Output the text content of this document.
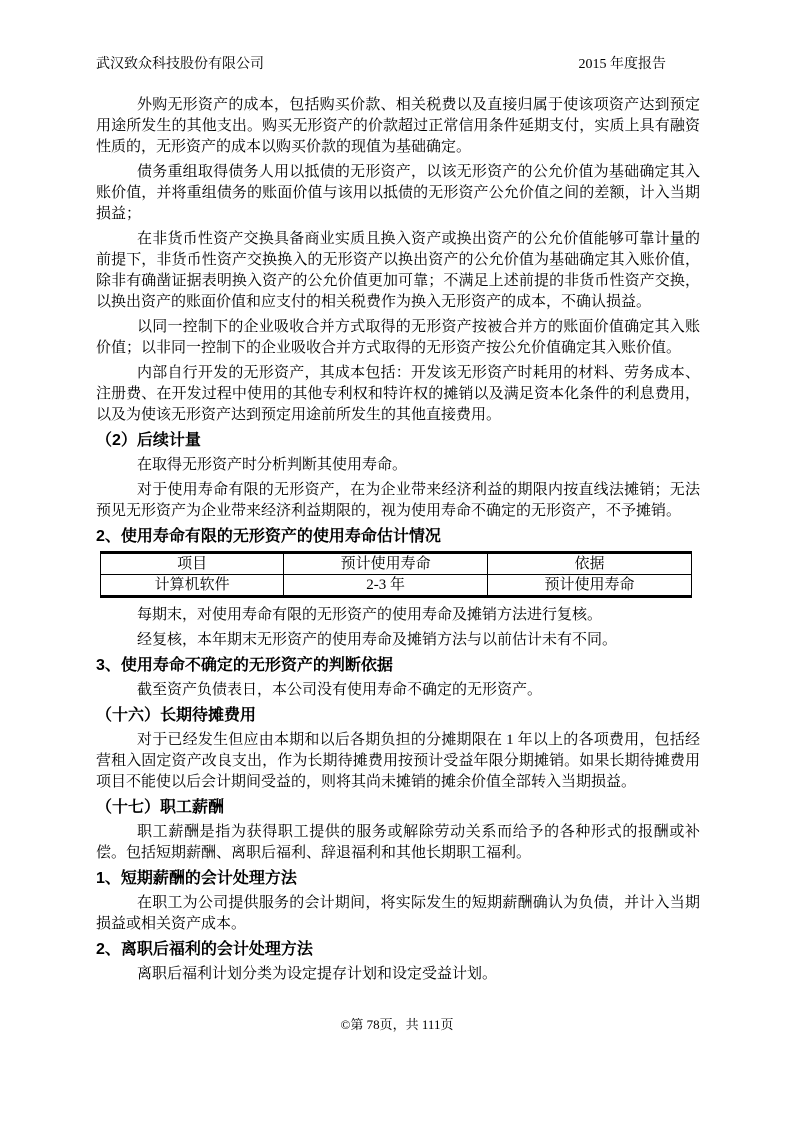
武汉致众科技股份有限公司	2015 年度报告

外购无形资产的成本，包括购买价款、相关税费以及直接归属于使该项资产达到预定用途所发生的其他支出。购买无形资产的价款超过正常信用条件延期支付，实质上具有融资性质的，无形资产的成本以购买价款的现值为基础确定。

债务重组取得债务人用以抵债的无形资产，以该无形资产的公允价值为基础确定其入账价值，并将重组债务的账面价值与该用以抵债的无形资产公允价值之间的差额，计入当期损益；

在非货币性资产交换具备商业实质且换入资产或换出资产的公允价值能够可靠计量的前提下，非货币性资产交换换入的无形资产以换出资产的公允价值为基础确定其入账价值，除非有确凿证据表明换入资产的公允价值更加可靠；不满足上述前提的非货币性资产交换，以换出资产的账面价值和应支付的相关税费作为换入无形资产的成本，不确认损益。

以同一控制下的企业吸收合并方式取得的无形资产按被合并方的账面价值确定其入账价值；以非同一控制下的企业吸收合并方式取得的无形资产按公允价值确定其入账价值。

内部自行开发的无形资产，其成本包括：开发该无形资产时耗用的材料、劳务成本、注册费、在开发过程中使用的其他专利权和特许权的摊销以及满足资本化条件的利息费用，以及为使该无形资产达到预定用途前所发生的其他直接费用。

（2）后续计量

在取得无形资产时分析判断其使用寿命。

对于使用寿命有限的无形资产，在为企业带来经济利益的期限内按直线法摊销；无法预见无形资产为企业带来经济利益期限的，视为使用寿命不确定的无形资产，不予摊销。

2、使用寿命有限的无形资产的使用寿命估计情况
项目	预计使用寿命	依据
计算机软件	2-3 年	预计使用寿命

每期末，对使用寿命有限的无形资产的使用寿命及摊销方法进行复核。

经复核，本年期末无形资产的使用寿命及摊销方法与以前估计未有不同。

3、使用寿命不确定的无形资产的判断依据

截至资产负债表日，本公司没有使用寿命不确定的无形资产。

（十六）长期待摊费用

对于已经发生但应由本期和以后各期负担的分摊期限在 1 年以上的各项费用，包括经营租入固定资产改良支出，作为长期待摊费用按预计受益年限分期摊销。如果长期待摊费用项目不能使以后会计期间受益的，则将其尚未摊销的摊余价值全部转入当期损益。

（十七）职工薪酬

职工薪酬是指为获得职工提供的服务或解除劳动关系而给予的各种形式的报酬或补偿。包括短期薪酬、离职后福利、辞退福利和其他长期职工福利。

1、短期薪酬的会计处理方法

在职工为公司提供服务的会计期间，将实际发生的短期薪酬确认为负债，并计入当期损益或相关资产成本。

2、离职后福利的会计处理方法

离职后福利计划分类为设定提存计划和设定受益计划。

©第 78页，共 111页
